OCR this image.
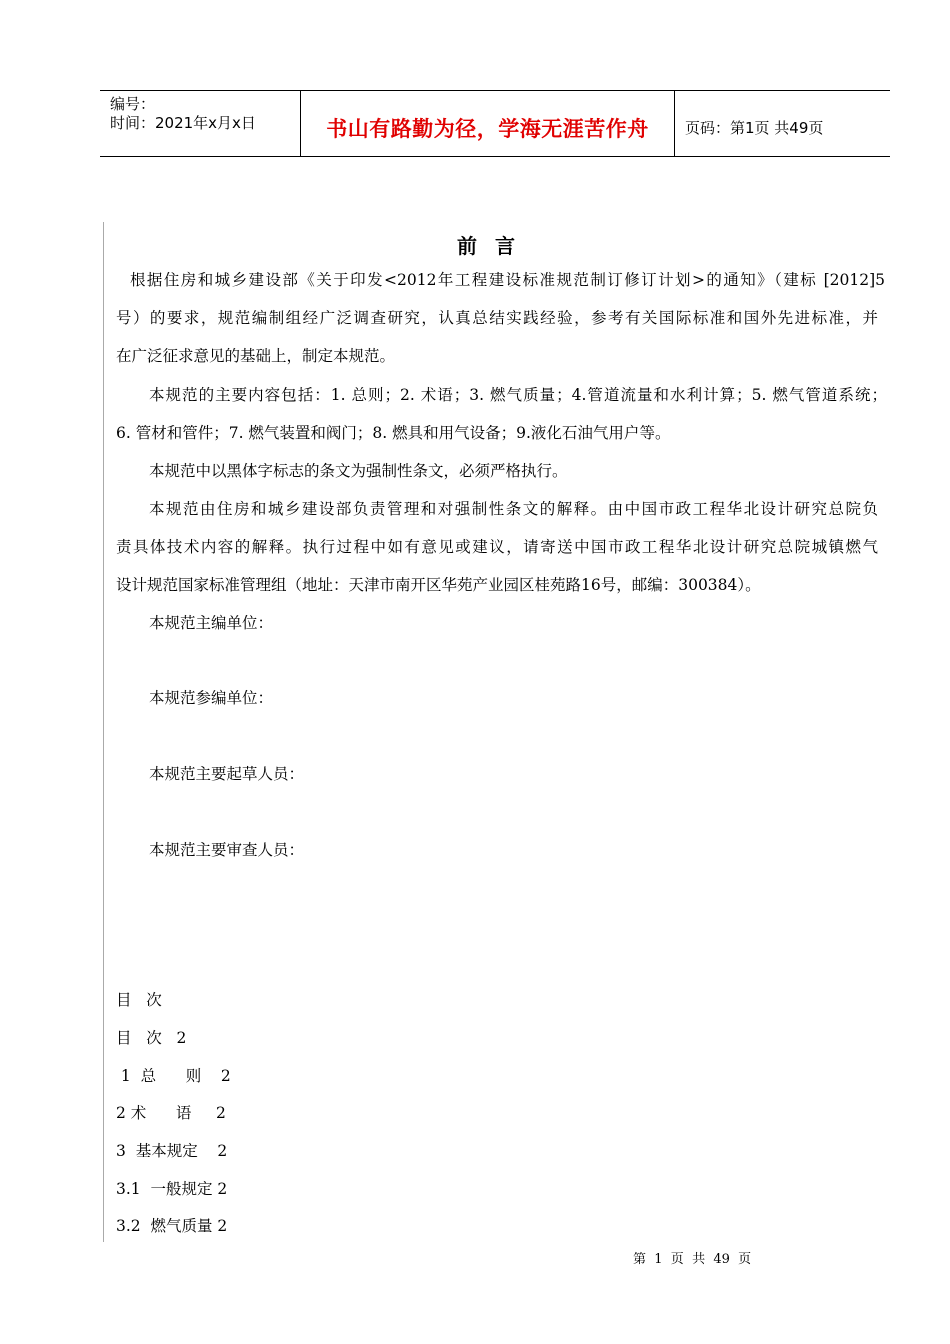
编号：
时间：2021年x月x日	书山有路勤为径，学海无涯苦作舟	页码：第1页 共49页
前言
根据住房和城乡建设部《关于印发<2012年工程建设标准规范制订修订计划>的通知》（建标 [2012]5
号）的要求，规范编制组经广泛调查研究，认真总结实践经验，参考有关国际标准和国外先进标准，并
在广泛征求意见的基础上，制定本规范。
本规范的主要内容包括：1. 总则；2. 术语；3. 燃气质量；4.管道流量和水利计算；5. 燃气管道系统；
6. 管材和管件；7. 燃气装置和阀门；8. 燃具和用气设备；9.液化石油气用户等。
本规范中以黑体字标志的条文为强制性条文，必须严格执行。
本规范由住房和城乡建设部负责管理和对强制性条文的解释。由中国市政工程华北设计研究总院负
责具体技术内容的解释。执行过程中如有意见或建议，请寄送中国市政工程华北设计研究总院城镇燃气
设计规范国家标准管理组（地址：天津市南开区华苑产业园区桂苑路16号，邮编：300384）。
本规范主编单位：
本规范参编单位：
本规范主要起草人员：
本规范主要审查人员：
目   次
目   次   2
1  总      则    2
2 术      语     2
3  基本规定    2
3.1  一般规定 2
3.2  燃气质量 2
第  1  页  共  49  页
